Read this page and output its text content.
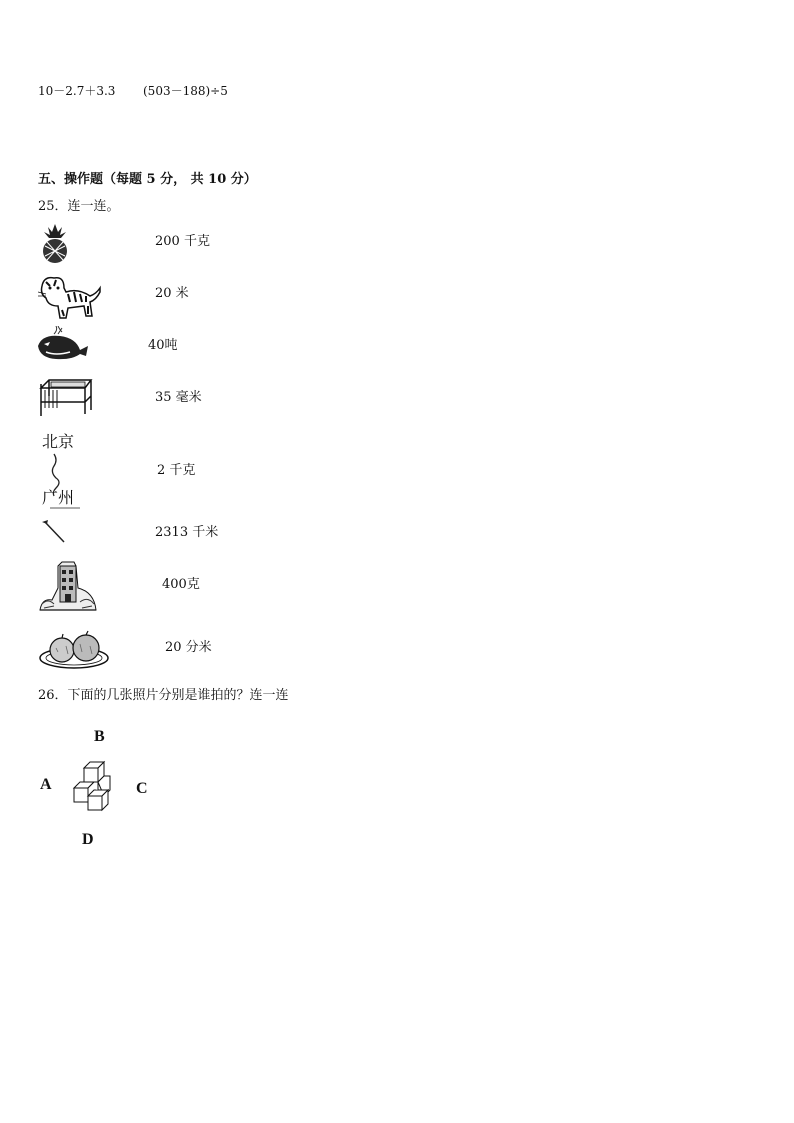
10－2.7＋3.3 (503－188)÷5
五、操作题（每题 5 分， 共 10 分）
25．连一连。
200 千克
20 米
40吨
35 毫米
北京
广州
2 千克
2313 千米
400克
20 分米
26．下面的几张照片分别是谁拍的？连一连
B
A	C
D
